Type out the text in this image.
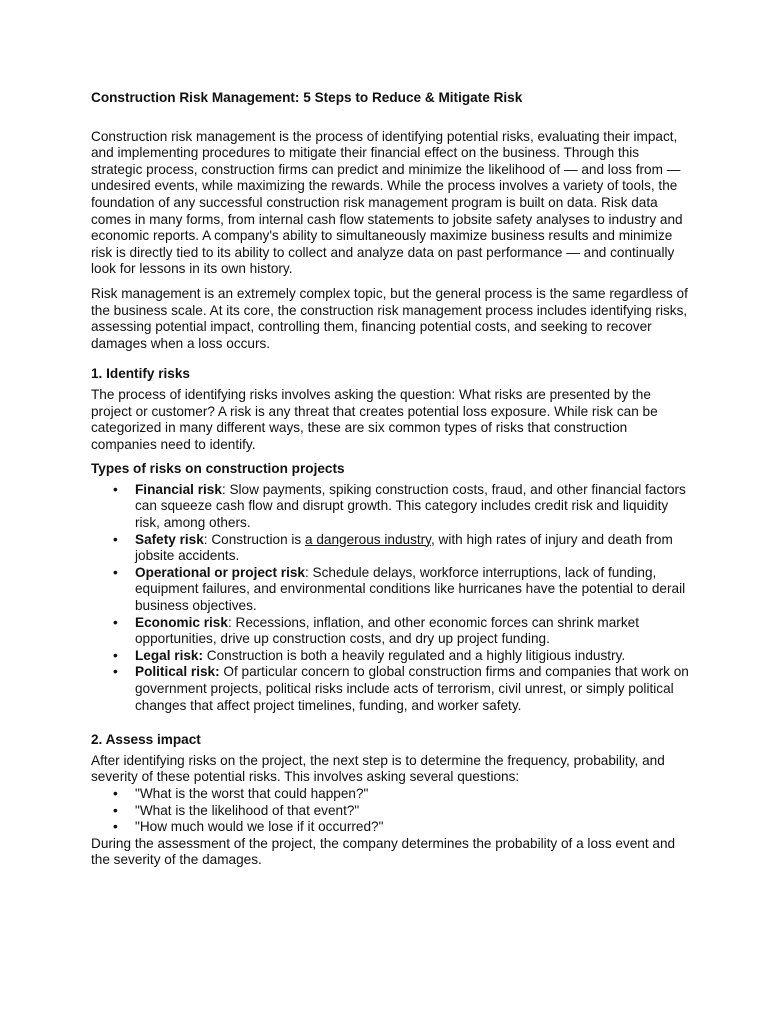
Construction Risk Management: 5 Steps to Reduce & Mitigate Risk

Construction risk management is the process of identifying potential risks, evaluating their impact, and implementing procedures to mitigate their financial effect on the business. Through this strategic process, construction firms can predict and minimize the likelihood of — and loss from — undesired events, while maximizing the rewards. While the process involves a variety of tools, the foundation of any successful construction risk management program is built on data. Risk data comes in many forms, from internal cash flow statements to jobsite safety analyses to industry and economic reports. A company's ability to simultaneously maximize business results and minimize risk is directly tied to its ability to collect and analyze data on past performance — and continually look for lessons in its own history.

Risk management is an extremely complex topic, but the general process is the same regardless of the business scale. At its core, the construction risk management process includes identifying risks, assessing potential impact, controlling them, financing potential costs, and seeking to recover damages when a loss occurs.

1. Identify risks

The process of identifying risks involves asking the question: What risks are presented by the project or customer? A risk is any threat that creates potential loss exposure. While risk can be categorized in many different ways, these are six common types of risks that construction companies need to identify.

Types of risks on construction projects
• Financial risk: Slow payments, spiking construction costs, fraud, and other financial factors can squeeze cash flow and disrupt growth. This category includes credit risk and liquidity risk, among others.
• Safety risk: Construction is a dangerous industry, with high rates of injury and death from jobsite accidents.
• Operational or project risk: Schedule delays, workforce interruptions, lack of funding, equipment failures, and environmental conditions like hurricanes have the potential to derail business objectives.
• Economic risk: Recessions, inflation, and other economic forces can shrink market opportunities, drive up construction costs, and dry up project funding.
• Legal risk: Construction is both a heavily regulated and a highly litigious industry.
• Political risk: Of particular concern to global construction firms and companies that work on government projects, political risks include acts of terrorism, civil unrest, or simply political changes that affect project timelines, funding, and worker safety.
2. Assess impact

After identifying risks on the project, the next step is to determine the frequency, probability, and severity of these potential risks. This involves asking several questions:

• "What is the worst that could happen?"
• "What is the likelihood of that event?"
• "How much would we lose if it occurred?"

During the assessment of the project, the company determines the probability of a loss event and the severity of the damages.
